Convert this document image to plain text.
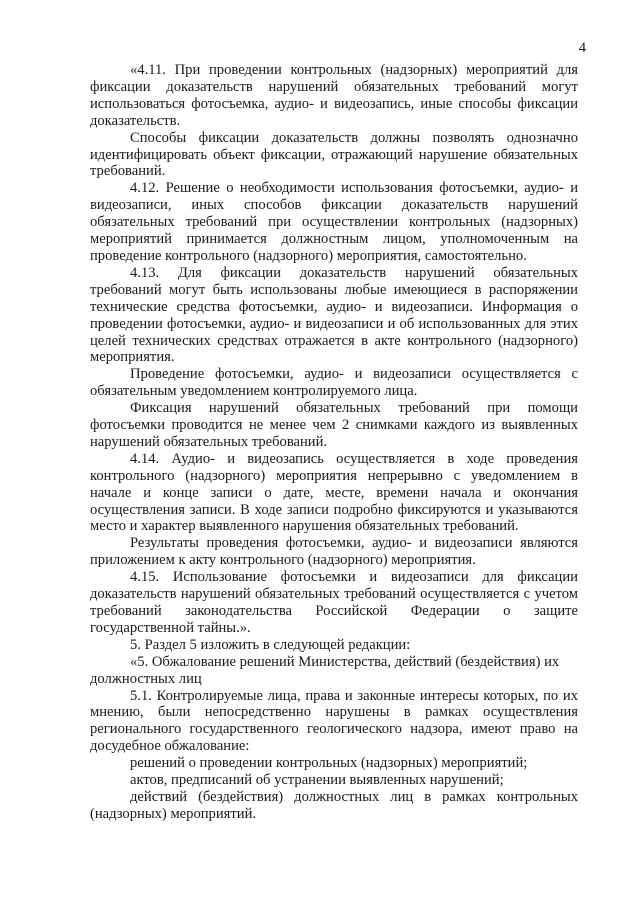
4

«4.11. При проведении контрольных (надзорных) мероприятий для фиксации доказательств нарушений обязательных требований могут использоваться фотосъемка, аудио- и видеозапись, иные способы фиксации доказательств.

Способы фиксации доказательств должны позволять однозначно идентифицировать объект фиксации, отражающий нарушение обязательных требований.

4.12. Решение о необходимости использования фотосъемки, аудио- и видеозаписи, иных способов фиксации доказательств нарушений обязательных требований при осуществлении контрольных (надзорных) мероприятий принимается должностным лицом, уполномоченным на проведение контрольного (надзорного) мероприятия, самостоятельно.

4.13. Для фиксации доказательств нарушений обязательных требований могут быть использованы любые имеющиеся в распоряжении технические средства фотосъемки, аудио- и видеозаписи. Информация о проведении фотосъемки, аудио- и видеозаписи и об использованных для этих целей технических средствах отражается в акте контрольного (надзорного) мероприятия.

Проведение фотосъемки, аудио- и видеозаписи осуществляется с обязательным уведомлением контролируемого лица.

Фиксация нарушений обязательных требований при помощи фотосъемки проводится не менее чем 2 снимками каждого из выявленных нарушений обязательных требований.

4.14. Аудио- и видеозапись осуществляется в ходе проведения контрольного (надзорного) мероприятия непрерывно с уведомлением в начале и конце записи о дате, месте, времени начала и окончания осуществления записи. В ходе записи подробно фиксируются и указываются место и характер выявленного нарушения обязательных требований.

Результаты проведения фотосъемки, аудио- и видеозаписи являются приложением к акту контрольного (надзорного) мероприятия.

4.15. Использование фотосъемки и видеозаписи для фиксации доказательств нарушений обязательных требований осуществляется с учетом требований законодательства Российской Федерации о защите государственной тайны.».

5. Раздел 5 изложить в следующей редакции:

«5. Обжалование решений Министерства, действий (бездействия) их должностных лиц

5.1. Контролируемые лица, права и законные интересы которых, по их мнению, были непосредственно нарушены в рамках осуществления регионального государственного геологического надзора, имеют право на досудебное обжалование:

решений о проведении контрольных (надзорных) мероприятий;

актов, предписаний об устранении выявленных нарушений;

действий (бездействия) должностных лиц в рамках контрольных (надзорных) мероприятий.
